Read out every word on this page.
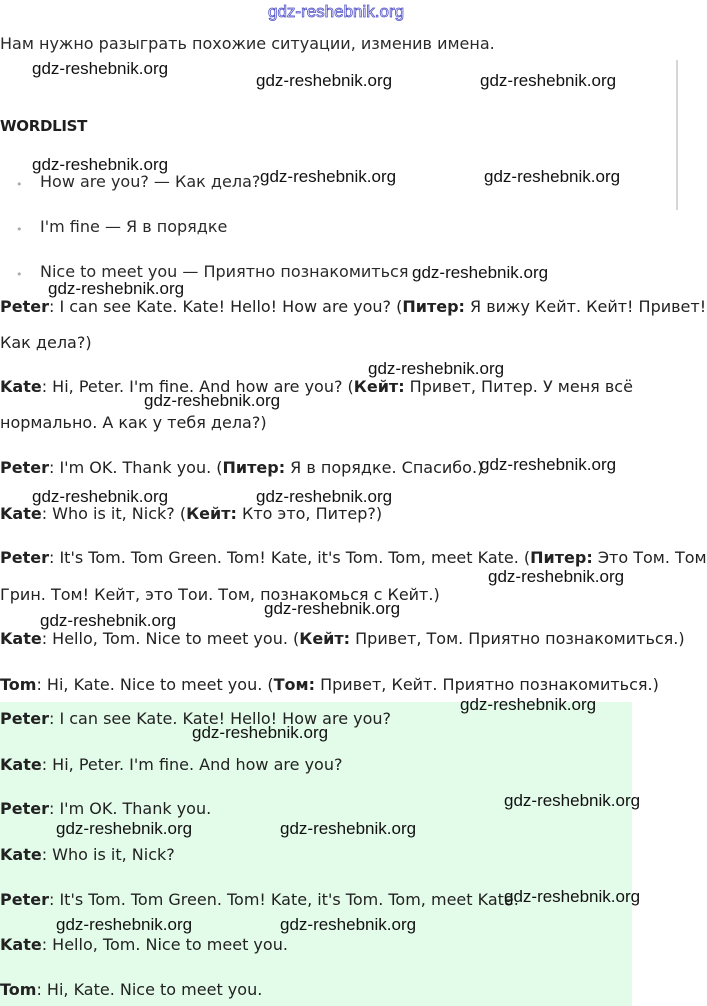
gdz-reshebnik.org
Нам нужно разыграть похожие ситуации, изменив имена.
WORDLIST
• How are you? — Как дела?
• I'm fine — Я в порядке
• Nice to meet you — Приятно познакомиться
Peter: I can see Kate. Kate! Hello! How are you? (Питер: Я вижу Кейт. Кейт! Привет!
Как дела?)
Kate: Hi, Peter. I'm fine. And how are you? (Кейт: Привет, Питер. У меня всё
нормально. А как у тебя дела?)
Peter: I'm OK. Thank you. (Питер: Я в порядке. Спасибо.)
Kate: Who is it, Nick? (Кейт: Кто это, Питер?)
Peter: It's Tom. Tom Green. Tom! Kate, it's Tom. Tom, meet Kate. (Питер: Это Том. Том
Грин. Том! Кейт, это Тои. Том, познакомься с Кейт.)
Kate: Hello, Tom. Nice to meet you. (Кейт: Привет, Том. Приятно познакомиться.)
Tom: Hi, Kate. Nice to meet you. (Том: Привет, Кейт. Приятно познакомиться.)
Peter: I can see Kate. Kate! Hello! How are you?
Kate: Hi, Peter. I'm fine. And how are you?
Peter: I'm OK. Thank you.
Kate: Who is it, Nick?
Peter: It's Tom. Tom Green. Tom! Kate, it's Tom. Tom, meet Kate.
Kate: Hello, Tom. Nice to meet you.
Tom: Hi, Kate. Nice to meet you.
gdz-reshebnik.org
gdz-reshebnik.org	gdz-reshebnik.org
gdz-reshebnik.org
gdz-reshebnik.org	gdz-reshebnik.org
gdz-reshebnik.org
gdz-reshebnik.org
gdz-reshebnik.org
gdz-reshebnik.org
gdz-reshebnik.org
gdz-reshebnik.org	gdz-reshebnik.org
gdz-reshebnik.org
gdz-reshebnik.org
gdz-reshebnik.org
gdz-reshebnik.org
gdz-reshebnik.org
gdz-reshebnik.org
gdz-reshebnik.org	gdz-reshebnik.org
gdz-reshebnik.org
gdz-reshebnik.org	gdz-reshebnik.org
